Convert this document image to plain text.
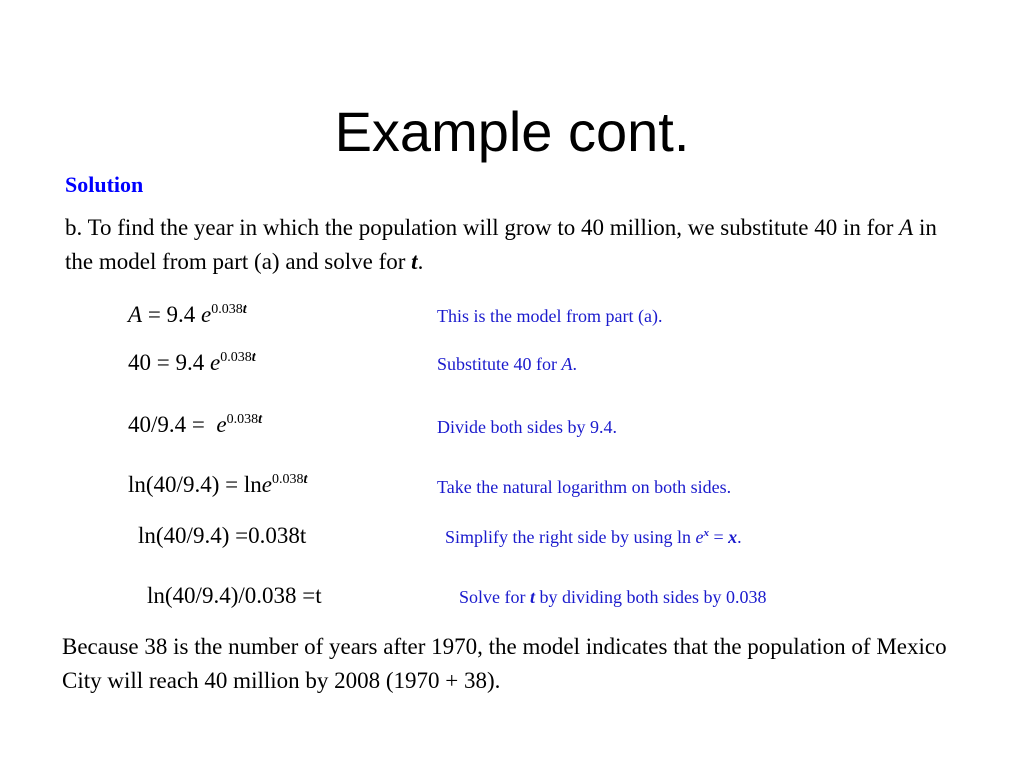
Example cont.
Solution
b. To find the year in which the population will grow to 40 million, we substitute 40 in for A in the model from part (a) and solve for t.
A = 9.4 $e^{0.038t}$	This is the model from part (a).
40 = 9.4 $e^{0.038t}$	Substitute 40 for A.
$40/9.4 = e^{0.038t}$	Divide both sides by 9.4.
ln(40/9.4) = lne$^{0.038t}$	Take the natural logarithm on both sides.
ln(40/9.4) =0.038t	Simplify the right side by using $\ln e^x = x$.
ln(40/9.4)/0.038 =t	Solve for t by dividing both sides by 0.038
Because 38 is the number of years after 1970, the model indicates that the population of Mexico City will reach 40 million by 2008 (1970 + 38).
